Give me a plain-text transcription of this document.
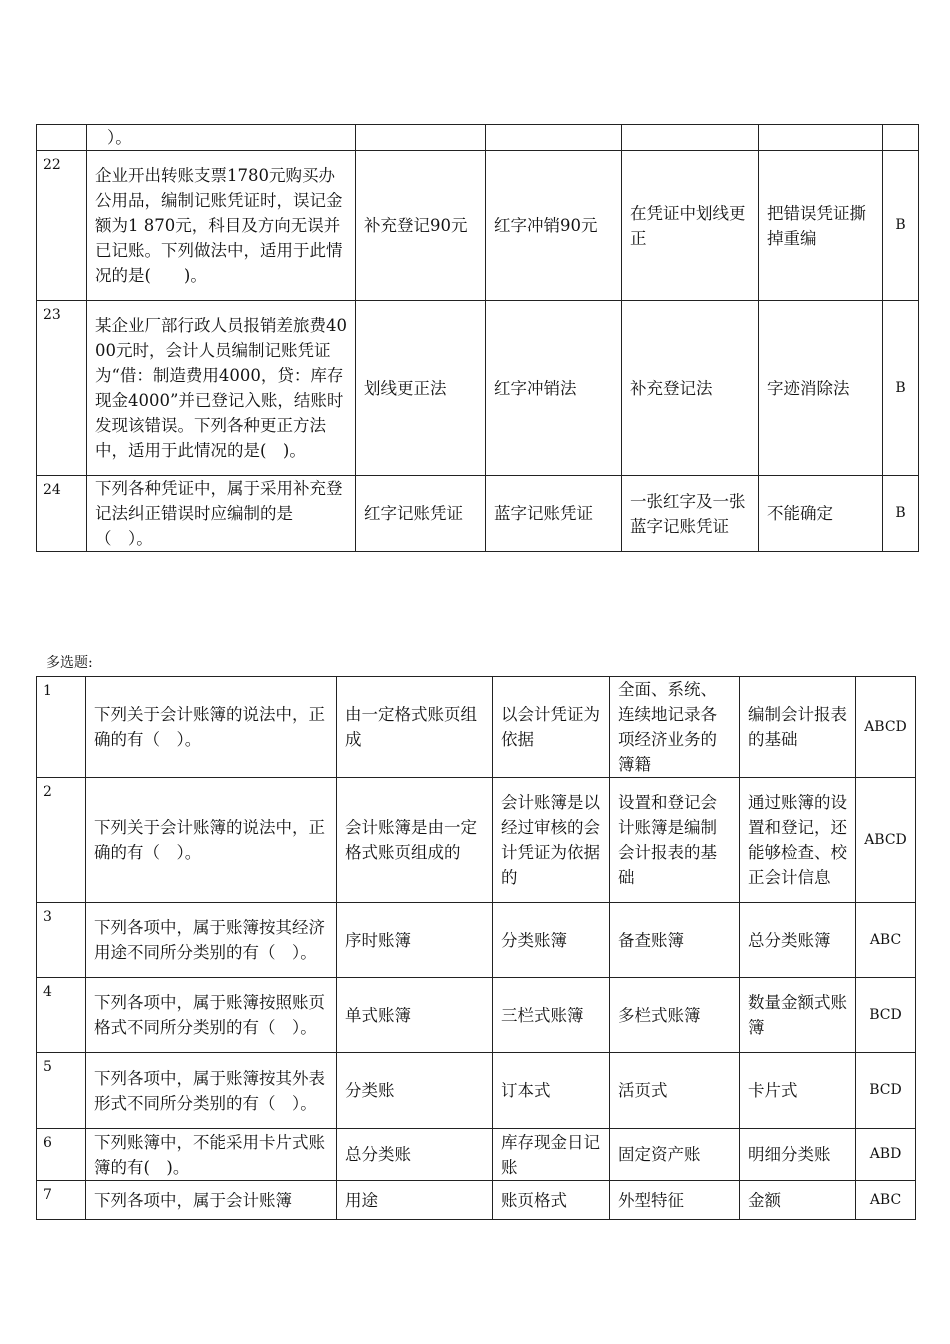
	）。					
22	企业开出转账支票1780元购买办公用品，编制记账凭证时，误记金额为1 870元，科目及方向无误并已记账。下列做法中，适用于此情况的是(　　)。	补充登记90元	红字冲销90元	在凭证中划线更正	把错误凭证撕掉重编	B
23	某企业厂部行政人员报销差旅费4000元时，会计人员编制记账凭证为“借：制造费用4000，贷：库存现金4000”并已登记入账，结账时发现该错误。下列各种更正方法中，适用于此情况的是(　)。	划线更正法	红字冲销法	补充登记法	字迹消除法	B
24	下列各种凭证中，属于采用补充登记法纠正错误时应编制的是（　）。	红字记账凭证	蓝字记账凭证	一张红字及一张蓝字记账凭证	不能确定	B
多选题:
1	下列关于会计账簿的说法中，正确的有（　）。	由一定格式账页组成	以会计凭证为依据	全面、系统、连续地记录各项经济业务的簿籍	编制会计报表的基础	ABCD
2	下列关于会计账簿的说法中，正确的有（　）。	会计账簿是由一定格式账页组成的	会计账簿是以经过审核的会计凭证为依据的	设置和登记会计账簿是编制会计报表的基础	通过账簿的设置和登记，还能够检查、校正会计信息	ABCD
3	下列各项中，属于账簿按其经济用途不同所分类别的有（　）。	序时账簿	分类账簿	备查账簿	总分类账簿	ABC
4	下列各项中，属于账簿按照账页格式不同所分类别的有（　）。	单式账簿	三栏式账簿	多栏式账簿	数量金额式账簿	BCD
5	下列各项中，属于账簿按其外表形式不同所分类别的有（　）。	分类账	订本式	活页式	卡片式	BCD
6	下列账簿中，不能采用卡片式账簿的有(　)。	总分类账	库存现金日记账	固定资产账	明细分类账	ABD
7	下列各项中，属于会计账簿	用途	账页格式	外型特征	金额	ABC
